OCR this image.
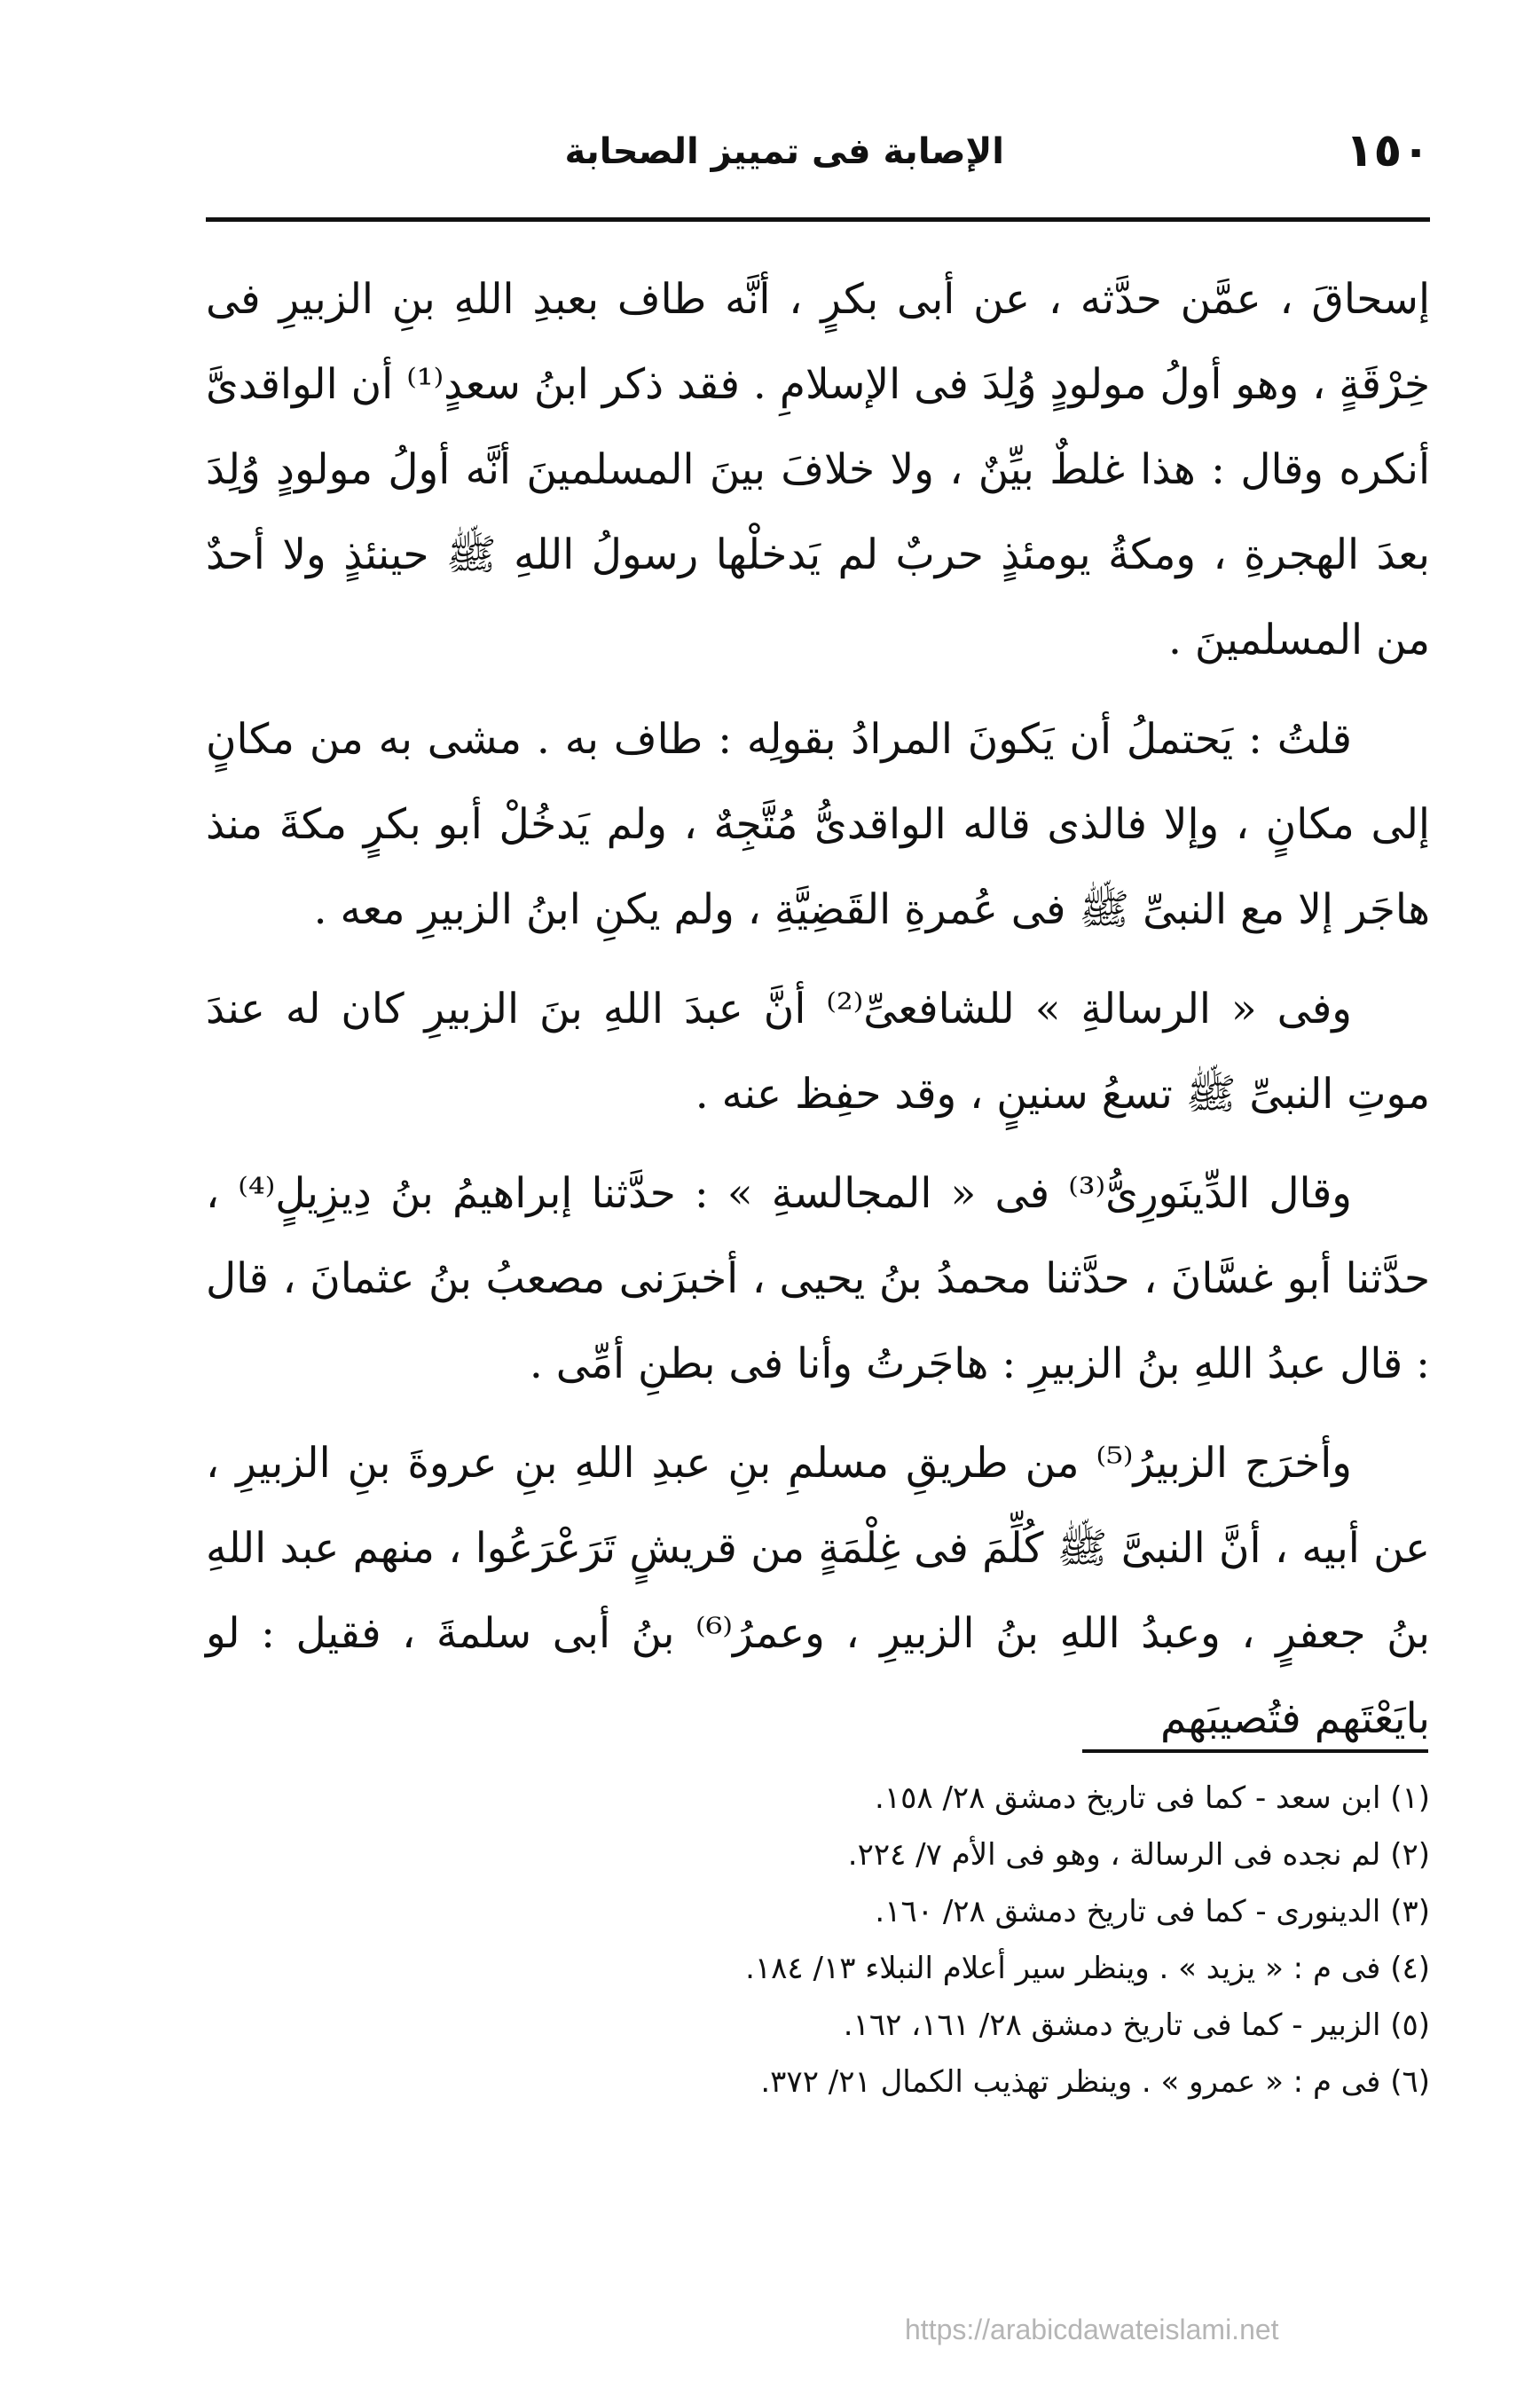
١٥٠
الإصابة فى تمييز الصحابة

إسحاقَ ، عمَّن حدَّثه ، عن أبى بكرٍ ، أنَّه طاف بعبدِ اللهِ بنِ الزبيرِ فى خِرْقَةٍ ، وهو أولُ مولودٍ وُلِدَ فى الإسلامِ . فقد ذكر ابنُ سعدٍ⁽¹⁾ أن الواقدىَّ أنكره وقال : هذا غلطٌ بيِّنٌ ، ولا خلافَ بينَ المسلمينَ أنَّه أولُ مولودٍ وُلِدَ بعدَ الهجرةِ ، ومكةُ يومئذٍ حربٌ لم يَدخلْها رسولُ اللهِ ﷺ حينئذٍ ولا أحدٌ من المسلمينَ .

قلتُ : يَحتملُ أن يَكونَ المرادُ بقولِه : طاف به . مشى به من مكانٍ إلى مكانٍ ، وإلا فالذى قاله الواقدىُّ مُتَّجِهٌ ، ولم يَدخُلْ أبو بكرٍ مكةَ منذ هاجَر إلا مع النبىِّ ﷺ فى عُمرةِ القَضِيَّةِ ، ولم يكنِ ابنُ الزبيرِ معه .

وفى « الرسالةِ » للشافعىِّ⁽²⁾ أنَّ عبدَ اللهِ بنَ الزبيرِ كان له عندَ موتِ النبىِّ ﷺ تسعُ سنينٍ ، وقد حفِظ عنه .

وقال الدِّينَورِىُّ⁽³⁾ فى « المجالسةِ » : حدَّثنا إبراهيمُ بنُ دِيزِيلٍ⁽⁴⁾ ، حدَّثنا أبو غسَّانَ ، حدَّثنا محمدُ بنُ يحيى ، أخبرَنى مصعبُ بنُ عثمانَ ، قال : قال عبدُ اللهِ بنُ الزبيرِ : هاجَرتُ وأنا فى بطنِ أمِّى .

وأخرَج الزبيرُ⁽⁵⁾ من طريقِ مسلمِ بنِ عبدِ اللهِ بنِ عروةَ بنِ الزبيرِ ، عن أبيه ، أنَّ النبىَّ ﷺ كُلِّمَ فى غِلْمَةٍ من قريشٍ تَرَعْرَعُوا ، منهم عبد اللهِ بنُ جعفرٍ ، وعبدُ اللهِ بنُ الزبيرِ ، وعمرُ⁽⁶⁾ بنُ أبى سلمةَ ، فقيل : لو بايَعْتَهم فتُصيبَهم

(١) ابن سعد - كما فى تاريخ دمشق ٢٨/ ١٥٨.

(٢) لم نجده فى الرسالة ، وهو فى الأم ٧/ ٢٢٤.

(٣) الدينورى - كما فى تاريخ دمشق ٢٨/ ١٦٠.

(٤) فى م : « يزيد » . وينظر سير أعلام النبلاء ١٣/ ١٨٤.

(٥) الزبير - كما فى تاريخ دمشق ٢٨/ ١٦١، ١٦٢.

(٦) فى م : « عمرو » . وينظر تهذيب الكمال ٢١/ ٣٧٢.

https://arabicdawateislami.net
